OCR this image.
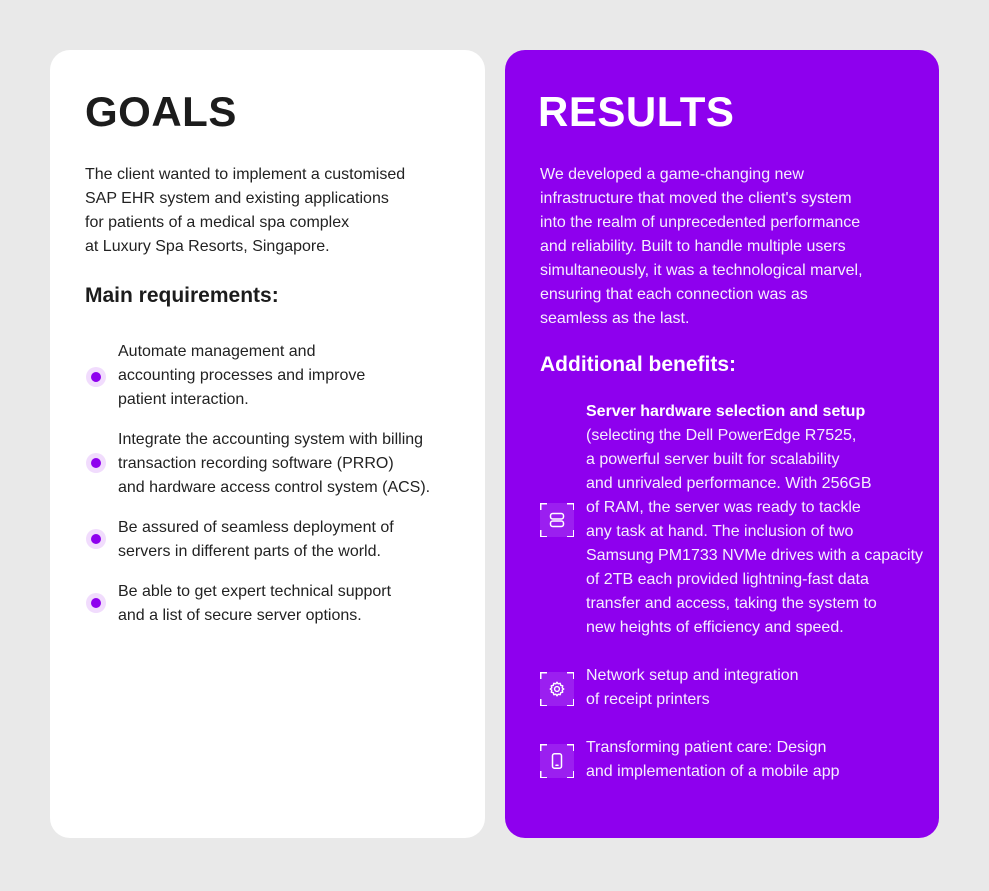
GOALS

The client wanted to implement a customised
SAP EHR system and existing applications
for patients of a medical spa complex
at Luxury Spa Resorts, Singapore.

Main requirements:

Automate management and
accounting processes and improve
patient interaction.

Integrate the accounting system with billing
transaction recording software (PRRO)
and hardware access control system (ACS).

Be assured of seamless deployment of
servers in different parts of the world.

Be able to get expert technical support
and a list of secure server options.

RESULTS

We developed a game-changing new
infrastructure that moved the client's system
into the realm of unprecedented performance
and reliability. Built to handle multiple users
simultaneously, it was a technological marvel,
ensuring that each connection was as
seamless as the last.

Additional benefits:

Server hardware selection and setup
(selecting the Dell PowerEdge R7525,
a powerful server built for scalability
and unrivaled performance. With 256GB
of RAM, the server was ready to tackle
any task at hand. The inclusion of two
Samsung PM1733 NVMe drives with a capacity
of 2TB each provided lightning-fast data
transfer and access, taking the system to
new heights of efficiency and speed.

Network setup and integration
of receipt printers

Transforming patient care: Design
and implementation of a mobile app
